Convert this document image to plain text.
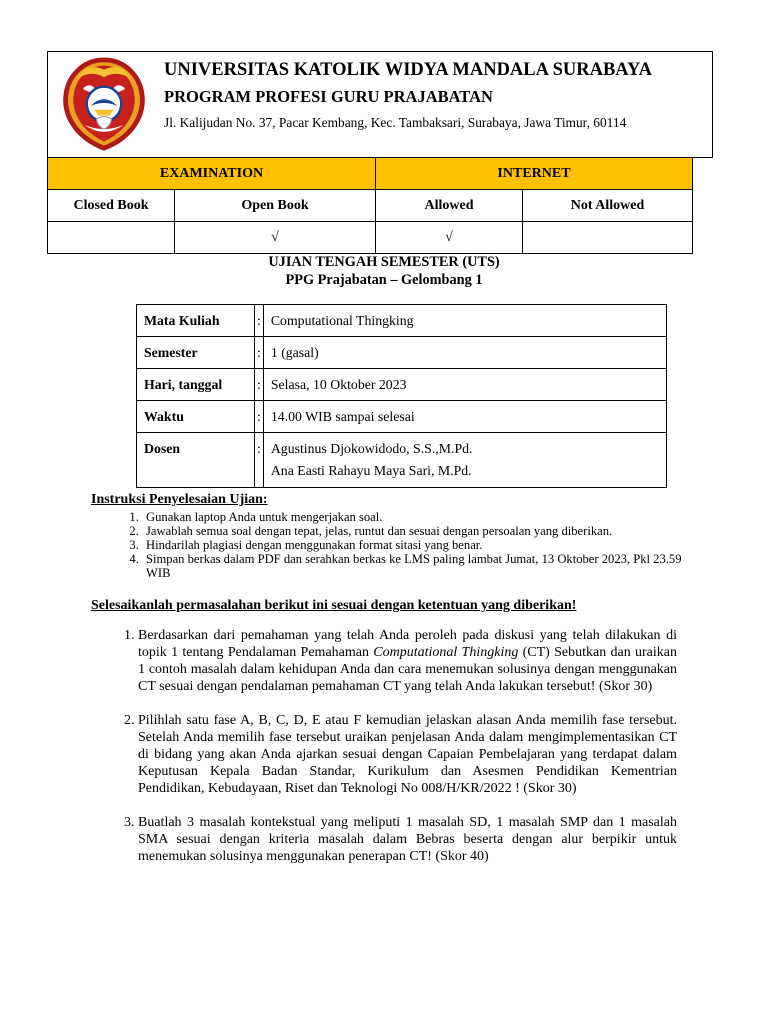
UNIVERSITAS KATOLIK WIDYA MANDALA SURABAYA
PROGRAM PROFESI GURU PRAJABATAN
Jl. Kalijudan No. 37, Pacar Kembang, Kec. Tambaksari, Surabaya, Jawa Timur, 60114
EXAMINATION		INTERNET	
Closed Book	Open Book	Allowed	Not Allowed
	√	√	
UJIAN TENGAH SEMESTER (UTS)
PPG Prajabatan – Gelombang 1
Mata Kuliah	:	Computational Thingking
Semester	:	1 (gasal)
Hari, tanggal	:	Selasa, 10 Oktober 2023
Waktu	:	14.00 WIB sampai selesai
Dosen	:	Agustinus Djokowidodo, S.S.,M.Pd.
Ana Easti Rahayu Maya Sari, M.Pd.
Instruksi Penyelesaian Ujian:
1. Gunakan laptop Anda untuk mengerjakan soal.
2. Jawablah semua soal dengan tepat, jelas, runtut dan sesuai dengan persoalan yang diberikan.
3. Hindarilah plagiasi dengan menggunakan format sitasi yang benar.
4. Simpan berkas dalam PDF dan serahkan berkas ke LMS paling lambat Jumat, 13 Oktober 2023, Pkl 23.59 WIB
Selesaikanlah permasalahan berikut ini sesuai dengan ketentuan yang diberikan!
1. Berdasarkan dari pemahaman yang telah Anda peroleh pada diskusi yang telah dilakukan di topik 1 tentang Pendalaman Pemahaman Computational Thingking (CT) Sebutkan dan uraikan 1 contoh masalah dalam kehidupan Anda dan cara menemukan solusinya dengan menggunakan CT sesuai dengan pendalaman pemahaman CT yang telah Anda lakukan tersebut! (Skor 30)
2. Pilihlah satu fase A, B, C, D, E atau F kemudian jelaskan alasan Anda memilih fase tersebut. Setelah Anda memilih fase tersebut uraikan penjelasan Anda dalam mengimplementasikan CT di bidang yang akan Anda ajarkan sesuai dengan Capaian Pembelajaran yang terdapat dalam Keputusan Kepala Badan Standar, Kurikulum dan Asesmen Pendidikan Kementrian Pendidikan, Kebudayaan, Riset dan Teknologi No 008/H/KR/2022 ! (Skor 30)
3. Buatlah 3 masalah kontekstual yang meliputi 1 masalah SD, 1 masalah SMP dan 1 masalah SMA sesuai dengan kriteria masalah dalam Bebras beserta dengan alur berpikir untuk menemukan solusinya menggunakan penerapan CT! (Skor 40)
